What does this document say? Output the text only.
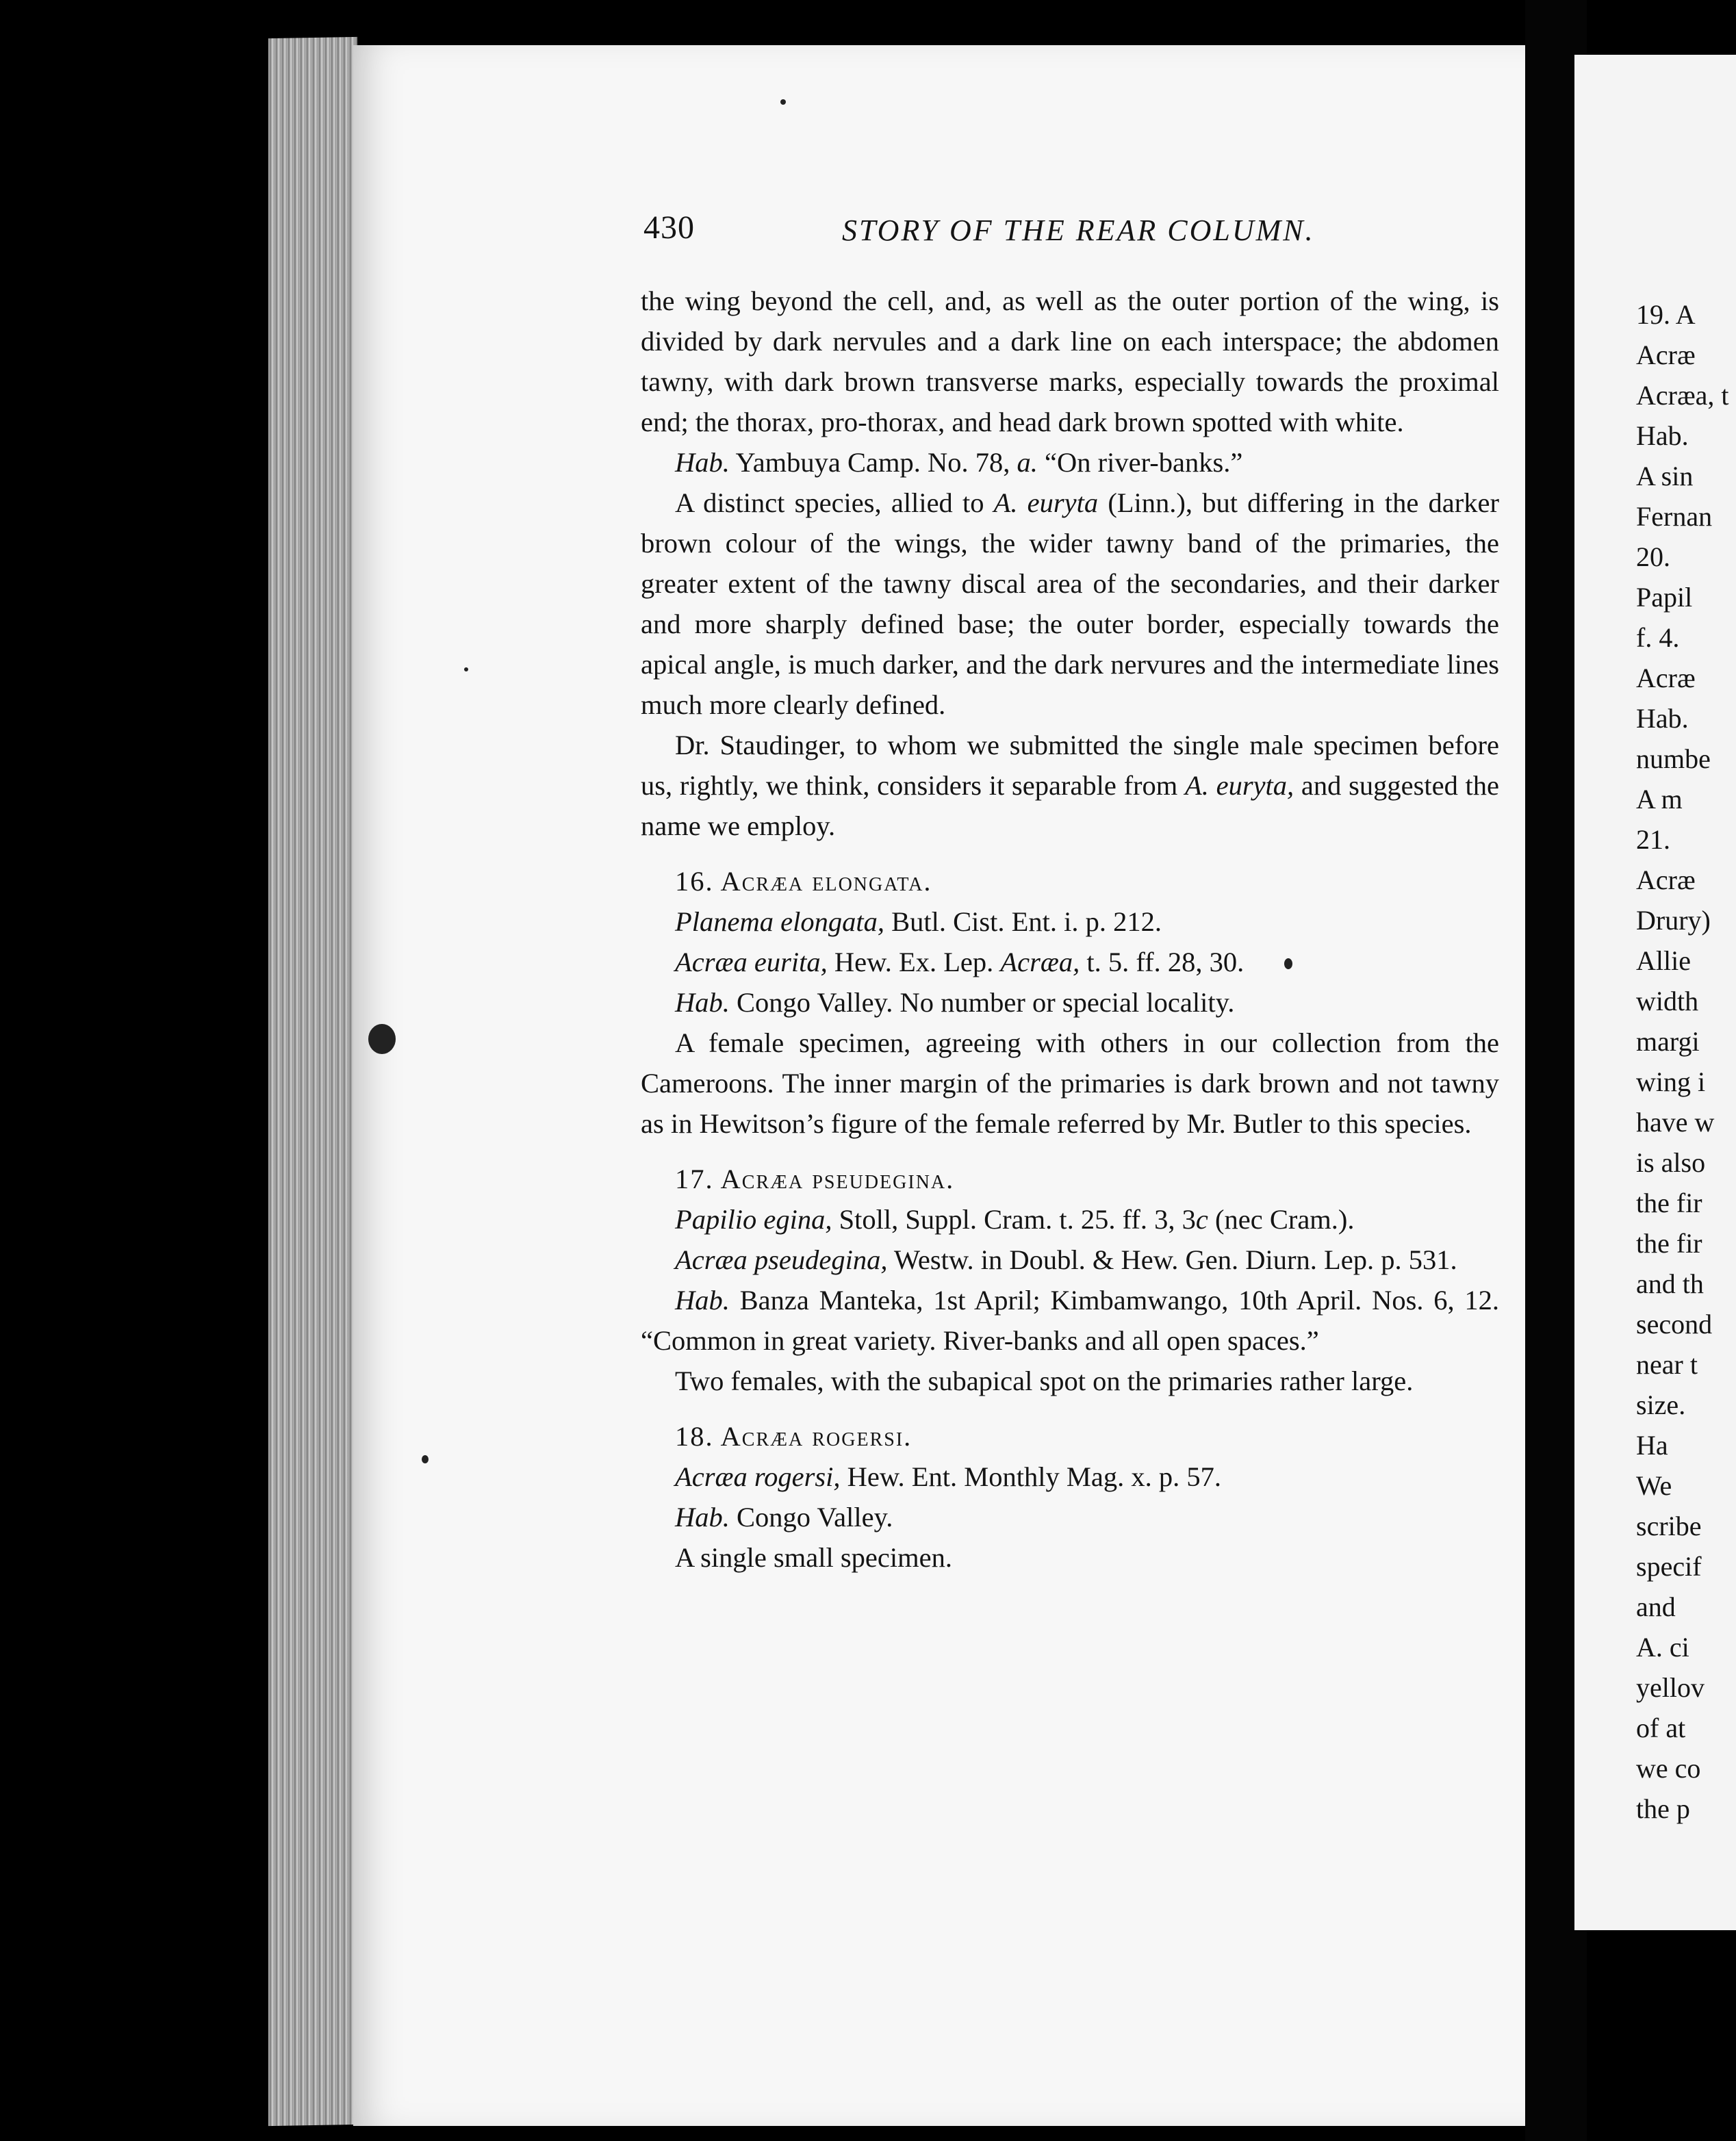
430	STORY OF THE REAR COLUMN.

the wing beyond the cell, and, as well as the outer portion of the wing, is divided by dark nervules and a dark line on each interspace; the abdomen tawny, with dark brown transverse marks, especially towards the proximal end; the thorax, pro-thorax, and head dark brown spotted with white.

Hab. Yambuya Camp. No. 78, a. “On river-banks.”

A distinct species, allied to A. euryta (Linn.), but differing in the darker brown colour of the wings, the wider tawny band of the primaries, the greater extent of the tawny discal area of the secondaries, and their darker and more sharply defined base; the outer border, especially towards the apical angle, is much darker, and the dark nervures and the intermediate lines much more clearly defined.

Dr. Staudinger, to whom we submitted the single male specimen before us, rightly, we think, considers it separable from A. euryta, and suggested the name we employ.

16. Acræa elongata.

Planema elongata, Butl. Cist. Ent. i. p. 212.

Acræa eurita, Hew. Ex. Lep. Acræa, t. 5. ff. 28, 30.

Hab. Congo Valley. No number or special locality.

A female specimen, agreeing with others in our collection from the Cameroons. The inner margin of the primaries is dark brown and not tawny as in Hewitson’s figure of the female referred by Mr. Butler to this species.

17. Acræa pseudegina.

Papilio egina, Stoll, Suppl. Cram. t. 25. ff. 3, 3c (nec Cram.).

Acræa pseudegina, Westw. in Doubl. & Hew. Gen. Diurn. Lep. p. 531.

Hab. Banza Manteka, 1st April; Kimbamwango, 10th April. Nos. 6, 12. “Common in great variety. River-banks and all open spaces.”

Two females, with the subapical spot on the primaries rather large.

18. Acræa rogersi.

Acræa rogersi, Hew. Ent. Monthly Mag. x. p. 57.

Hab. Congo Valley.

A single small specimen.

19. A
Acræ
Acræa, t
Hab.
A sin
Fernan
20.
Papil
f. 4.
Acræ
Hab.
numbe
A m
21.
Acræ
Drury)
Allie
width
margi
wing i
have w
is also
the fir
the fir
and th
second
near t
size.
Ha
We
scribe
specif
and
A. ci
yellov
of at
we co
the p
